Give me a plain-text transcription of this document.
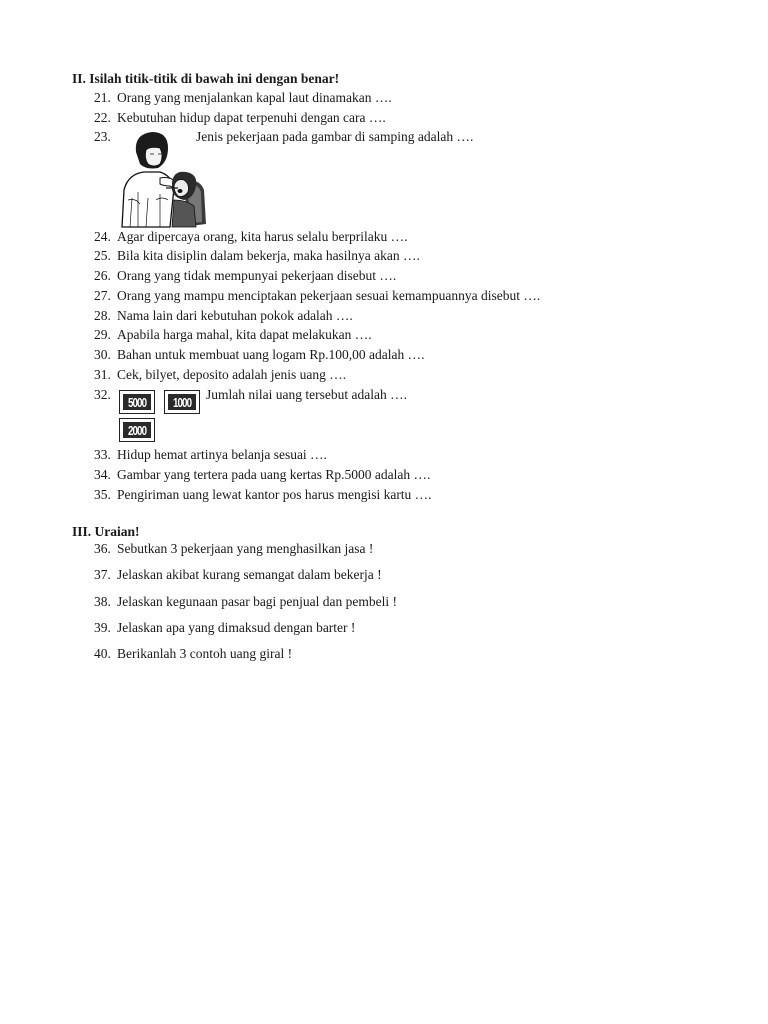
II. Isilah titik-titik di bawah ini dengan benar!
21. Orang yang menjalankan kapal laut dinamakan ….
22. Kebutuhan hidup dapat terpenuhi dengan cara ….
23.	Jenis pekerjaan pada gambar di samping adalah ….
24. Agar dipercaya orang, kita harus selalu berprilaku ….
25. Bila kita disiplin dalam bekerja, maka hasilnya akan ….
26. Orang yang tidak mempunyai pekerjaan disebut ….
27. Orang yang mampu menciptakan pekerjaan sesuai kemampuannya disebut ….
28. Nama lain dari kebutuhan pokok adalah ….
29. Apabila harga mahal, kita dapat melakukan ….
30. Bahan untuk membuat uang logam Rp.100,00 adalah ….
31. Cek, bilyet, deposito adalah jenis uang ….
32.	5000 1000 Jumlah nilai uang tersebut adalah ….
2000
33. Hidup hemat artinya belanja sesuai ….
34. Gambar yang tertera pada uang kertas Rp.5000 adalah ….
35. Pengiriman uang lewat kantor pos harus mengisi kartu ….
III. Uraian!
36. Sebutkan 3 pekerjaan yang menghasilkan jasa !
37. Jelaskan akibat kurang semangat dalam bekerja !
38. Jelaskan kegunaan pasar bagi penjual dan pembeli !
39. Jelaskan apa yang dimaksud dengan barter !
40. Berikanlah 3 contoh uang giral !
